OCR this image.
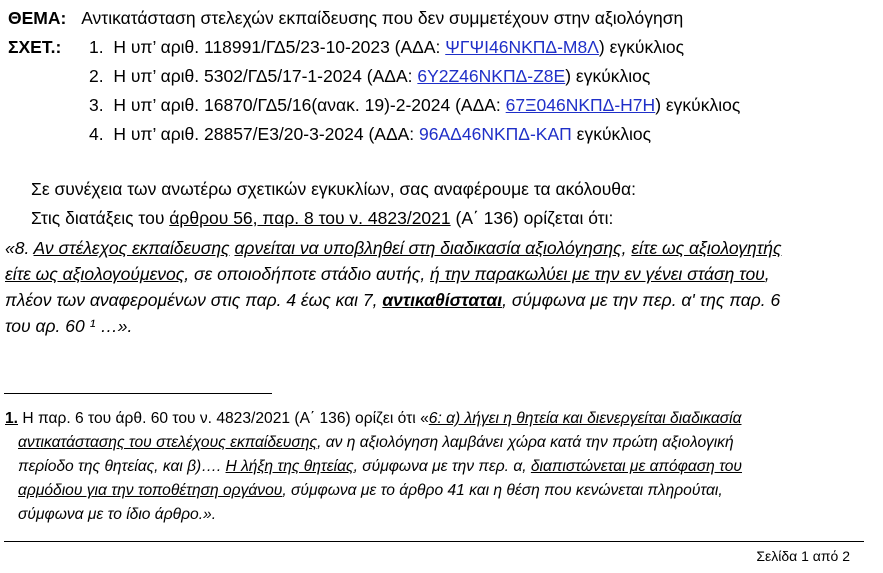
ΘΕΜΑ: Αντικατάσταση στελεχών εκπαίδευσης που δεν συμμετέχουν στην αξιολόγηση
ΣΧΕΤ.: 1. Η υπ’ αριθ. 118991/ΓΔ5/23-10-2023 (ΑΔΑ: ΨΓΨΙ46ΝΚΠΔ-Μ8Λ) εγκύκλιος
2. Η υπ’ αριθ. 5302/ΓΔ5/17-1-2024 (ΑΔΑ: 6Υ2Ζ46ΝΚΠΔ-Ζ8Ε) εγκύκλιος
3. Η υπ’ αριθ. 16870/ΓΔ5/16(ανακ. 19)-2-2024 (ΑΔΑ: 67Ξ046ΝΚΠΔ-Η7Η) εγκύκλιος
4. Η υπ’ αριθ. 28857/Ε3/20-3-2024 (ΑΔΑ: 96ΑΔ46ΝΚΠΔ-ΚΑΠ εγκύκλιος
Σε συνέχεια των ανωτέρω σχετικών εγκυκλίων, σας αναφέρουμε τα ακόλουθα:
Στις διατάξεις του άρθρου 56, παρ. 8 του ν. 4823/2021 (Α΄ 136) ορίζεται ότι:
«8. Αν στέλεχος εκπαίδευσης αρνείται να υποβληθεί στη διαδικασία αξιολόγησης, είτε ως αξιολογητής
είτε ως αξιολογούμενος, σε οποιοδήποτε στάδιο αυτής, ή την παρακωλύει με την εν γένει στάση του,
πλέον των αναφερομένων στις παρ. 4 έως και 7, αντικαθίσταται, σύμφωνα με την περ. α' της παρ. 6
του αρ. 60 ¹ …».
1. Η παρ. 6 του άρθ. 60 του ν. 4823/2021 (Α΄ 136) ορίζει ότι «6: α) λήγει η θητεία και διενεργείται διαδικασία
αντικατάστασης του στελέχους εκπαίδευσης, αν η αξιολόγηση λαμβάνει χώρα κατά την πρώτη αξιολογική
περίοδο της θητείας, και β)…. Η λήξη της θητείας, σύμφωνα με την περ. α, διαπιστώνεται με απόφαση του
αρμόδιου για την τοποθέτηση οργάνου, σύμφωνα με το άρθρο 41 και η θέση που κενώνεται πληρούται,
σύμφωνα με το ίδιο άρθρο.».
Σελίδα 1 από 2
